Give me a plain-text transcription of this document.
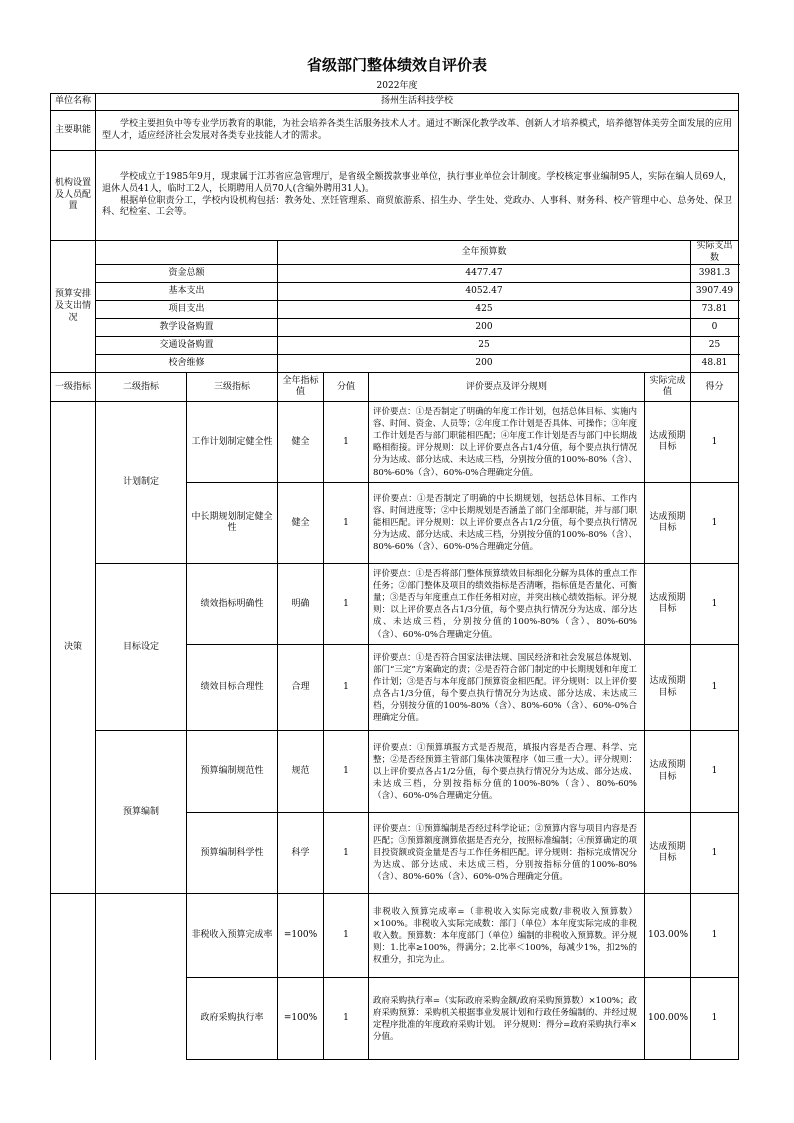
省级部门整体绩效自评价表
2022年度
单位名称	扬州生活科技学校						
主要职能	学校主要担负中等专业学历教育的职能，为社会培养各类生活服务技术人才。通过不断深化教学改革、创新人才培养模式，培养德智体美劳全面发展的应用型人才，适应经济社会发展对各类专业技能人才的需求。						

机构设置及人员配置	学校成立于1985年9月，现隶属于江苏省应急管理厅，是省级全额拨款事业单位，执行事业单位会计制度。学校核定事业编制95人，实际在编人员69人，退休人员41人，临时工2人，长期聘用人员70人(含编外聘用31人)。
根据单位职责分工，学校内设机构包括：教务处、烹饪管理系、商贸旅游系、招生办、学生处、党政办、人事科、财务科、校产管理中心、总务处、保卫科、纪检室、工会等。						

预算安排及支出情况			全年预算数				实际支出数
	资金总额		4477.47				3981.3
	基本支出		4052.47				3907.49
	项目支出		425				73.81
	教学设备购置		200				0
	交通设备购置		25				25
	校舍维修		200				48.81
一级指标	二级指标	三级指标	全年指标值	分值	评价要点及评分规则	实际完成值	得分
决策	计划制定	工作计划制定健全性	健全	1	评价要点：①是否制定了明确的年度工作计划，包括总体目标、实施内容、时间、资金、人员等；②年度工作计划是否具体、可操作；③年度工作计划是否与部门职能相匹配；④年度工作计划是否与部门中长期战略相衔接。评分规则：以上评价要点各占1/4分值，每个要点执行情况分为达成、部分达成、未达成三档，分别按分值的100%-80%（含）、80%-60%（含）、60%-0%合理确定分值。	达成预期目标	1
		中长期规划制定健全性	健全	1	评价要点：①是否制定了明确的中长期规划，包括总体目标、工作内容、时间进度等；②中长期规划是否涵盖了部门全部职能，并与部门职能相匹配。评分规则：以上评价要点各占1/2分值，每个要点执行情况分为达成、部分达成、未达成三档，分别按分值的100%-80%（含）、80%-60%（含）、60%-0%合理确定分值。	达成预期目标	1
	目标设定	绩效指标明确性	明确	1	评价要点：①是否将部门整体预算绩效目标细化分解为具体的重点工作任务；②部门整体及项目的绩效指标是否清晰，指标值是否量化、可衡量；③是否与年度重点工作任务相对应，并突出核心绩效指标。评分规则：以上评价要点各占1/3分值，每个要点执行情况分为达成、部分达成、未达成三档，分别按分值的100%-80%（含）、80%-60%（含）、60%-0%合理确定分值。	达成预期目标	1
		绩效目标合理性	合理	1	评价要点：①是否符合国家法律法规、国民经济和社会发展总体规划、部门“三定”方案确定的责；②是否符合部门制定的中长期规划和年度工作计划；③是否与本年度部门预算资金相匹配。评分规则：以上评价要点各占1/3分值，每个要点执行情况分为达成、部分达成、未达成三档，分别按分值的100%-80%（含）、80%-60%（含）、60%-0%合理确定分值。	达成预期目标	1
	预算编制	预算编制规范性	规范	1	评价要点：①预算填报方式是否规范，填报内容是否合理、科学、完整；②是否经预算主管部门集体决策程序（如三重一大）。评分规则：以上评价要点各占1/2分值，每个要点执行情况分为达成、部分达成、未达成三档，分别按指标分值的100%-80%（含）、80%-60%（含）、60%-0%合理确定分值。	达成预期目标	1
		预算编制科学性	科学	1	评价要点：①预算编制是否经过科学论证；②预算内容与项目内容是否匹配；③预算额度测算依据是否充分，按照标准编制；④预算确定的项目投资额或资金量是否与工作任务相匹配。评分规则：指标完成情况分为达成、部分达成、未达成三档，分别按指标分值的100%-80%（含）、80%-60%（含）、60%-0%合理确定分值。	达成预期目标	1
		非税收入预算完成率	=100%	1	非税收入预算完成率=（非税收入实际完成数/非税收入预算数）×100%。非税收入实际完成数：部门（单位）本年度实际完成的非税收入数。预算数：本年度部门（单位）编制的非税收入预算数。评分规则：1.比率≥100%，得满分；2.比率＜100%，每减少1%，扣2%的权重分，扣完为止。	103.00%	1
		政府采购执行率	=100%	1	政府采购执行率=（实际政府采购金额/政府采购预算数）×100%；政府采购预算：采购机关根据事业发展计划和行政任务编制的、并经过规定程序批准的年度政府采购计划。 评分规则：得分=政府采购执行率×分值。	100.00%	1
